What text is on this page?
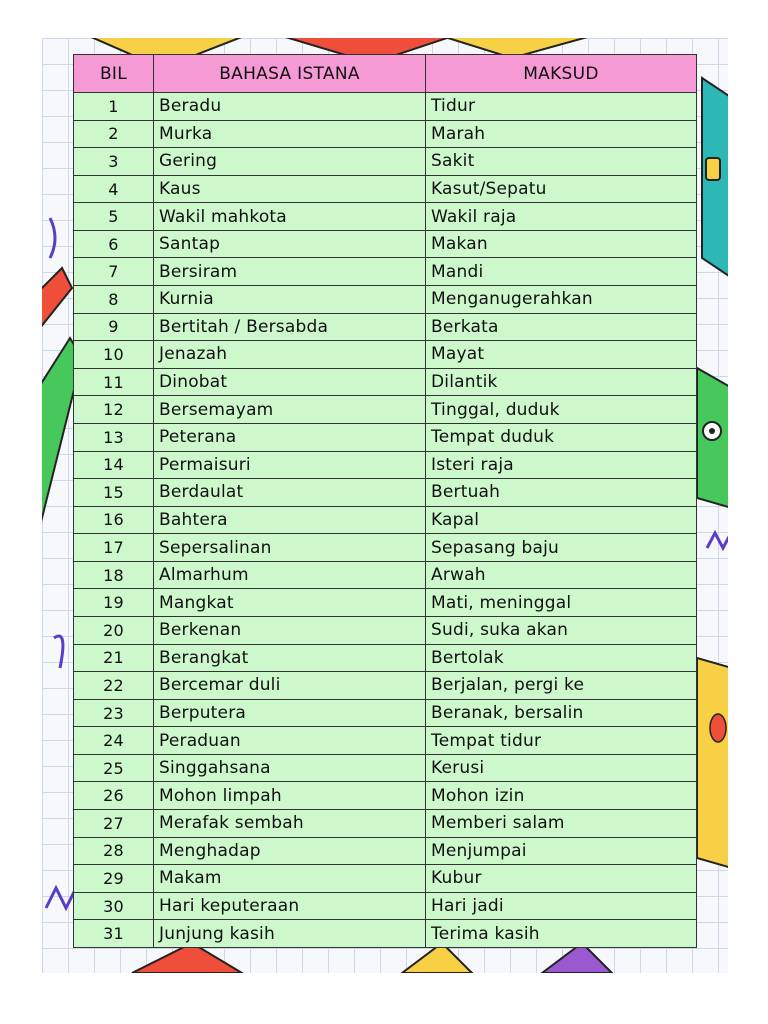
BIL	BAHASA ISTANA	MAKSUD
1	Beradu	Tidur
2	Murka	Marah
3	Gering	Sakit
4	Kaus	Kasut/Sepatu
5	Wakil mahkota	Wakil raja
6	Santap	Makan
7	Bersiram	Mandi
8	Kurnia	Menganugerahkan
9	Bertitah / Bersabda	Berkata
10	Jenazah	Mayat
11	Dinobat	Dilantik
12	Bersemayam	Tinggal, duduk
13	Peterana	Tempat duduk
14	Permaisuri	Isteri raja
15	Berdaulat	Bertuah
16	Bahtera	Kapal
17	Sepersalinan	Sepasang baju
18	Almarhum	Arwah
19	Mangkat	Mati, meninggal
20	Berkenan	Sudi, suka akan
21	Berangkat	Bertolak
22	Bercemar duli	Berjalan, pergi ke
23	Berputera	Beranak, bersalin
24	Peraduan	Tempat tidur
25	Singgahsana	Kerusi
26	Mohon limpah	Mohon izin
27	Merafak sembah	Memberi salam
28	Menghadap	Menjumpai
29	Makam	Kubur
30	Hari keputeraan	Hari jadi
31	Junjung kasih	Terima kasih
